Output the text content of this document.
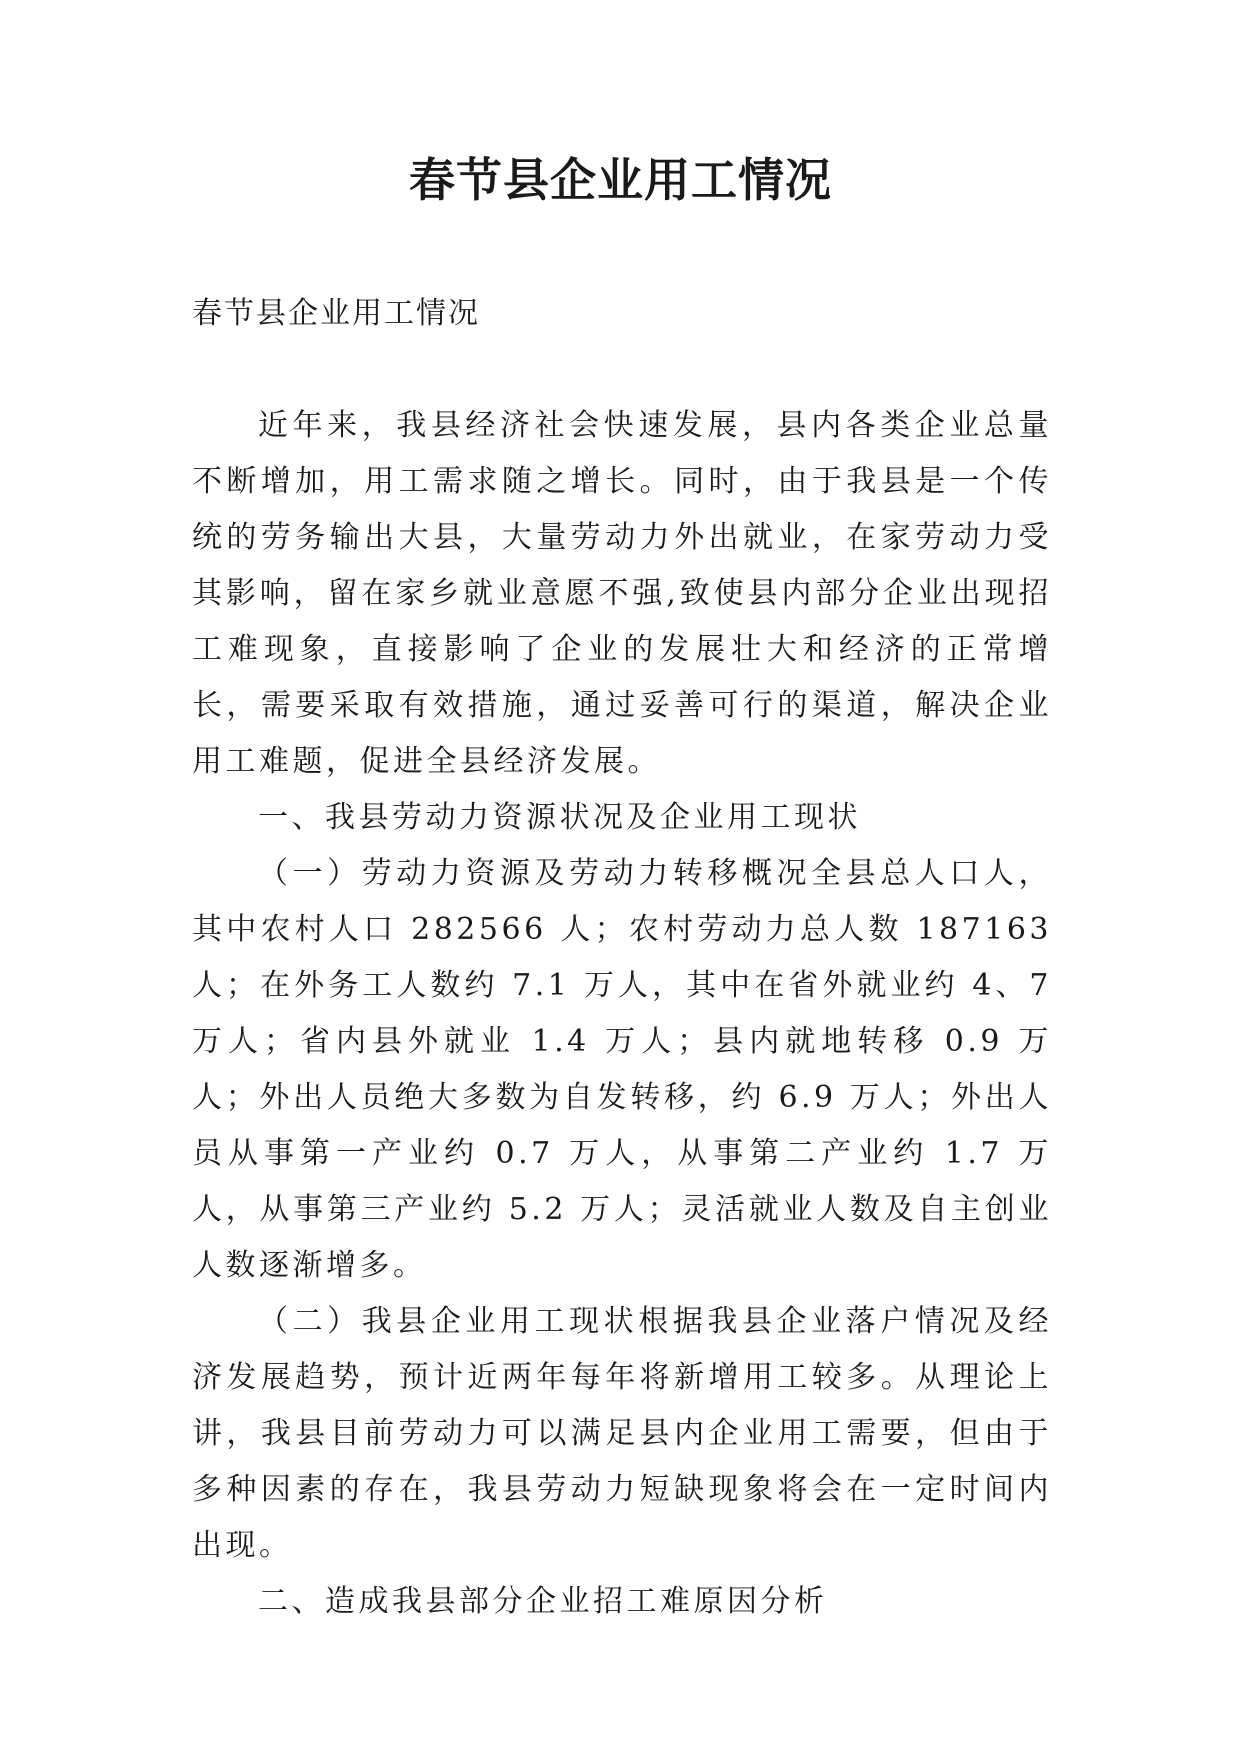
春节县企业用工情况

春节县企业用工情况

近年来，我县经济社会快速发展，县内各类企业总量不断增加，用工需求随之增长。同时，由于我县是一个传统的劳务输出大县，大量劳动力外出就业，在家劳动力受其影响，留在家乡就业意愿不强,致使县内部分企业出现招工难现象，直接影响了企业的发展壮大和经济的正常增长，需要采取有效措施，通过妥善可行的渠道，解决企业用工难题，促进全县经济发展。

一、我县劳动力资源状况及企业用工现状

（一）劳动力资源及劳动力转移概况全县总人口人，其中农村人口 282566 人；农村劳动力总人数 187163 人；在外务工人数约 7.1 万人，其中在省外就业约 4、7 万人；省内县外就业 1.4 万人；县内就地转移 0.9 万人；外出人员绝大多数为自发转移，约 6.9 万人；外出人员从事第一产业约 0.7 万人，从事第二产业约 1.7 万人，从事第三产业约 5.2 万人；灵活就业人数及自主创业人数逐渐增多。

（二）我县企业用工现状根据我县企业落户情况及经济发展趋势，预计近两年每年将新增用工较多。从理论上讲，我县目前劳动力可以满足县内企业用工需要，但由于多种因素的存在，我县劳动力短缺现象将会在一定时间内出现。

二、造成我县部分企业招工难原因分析
